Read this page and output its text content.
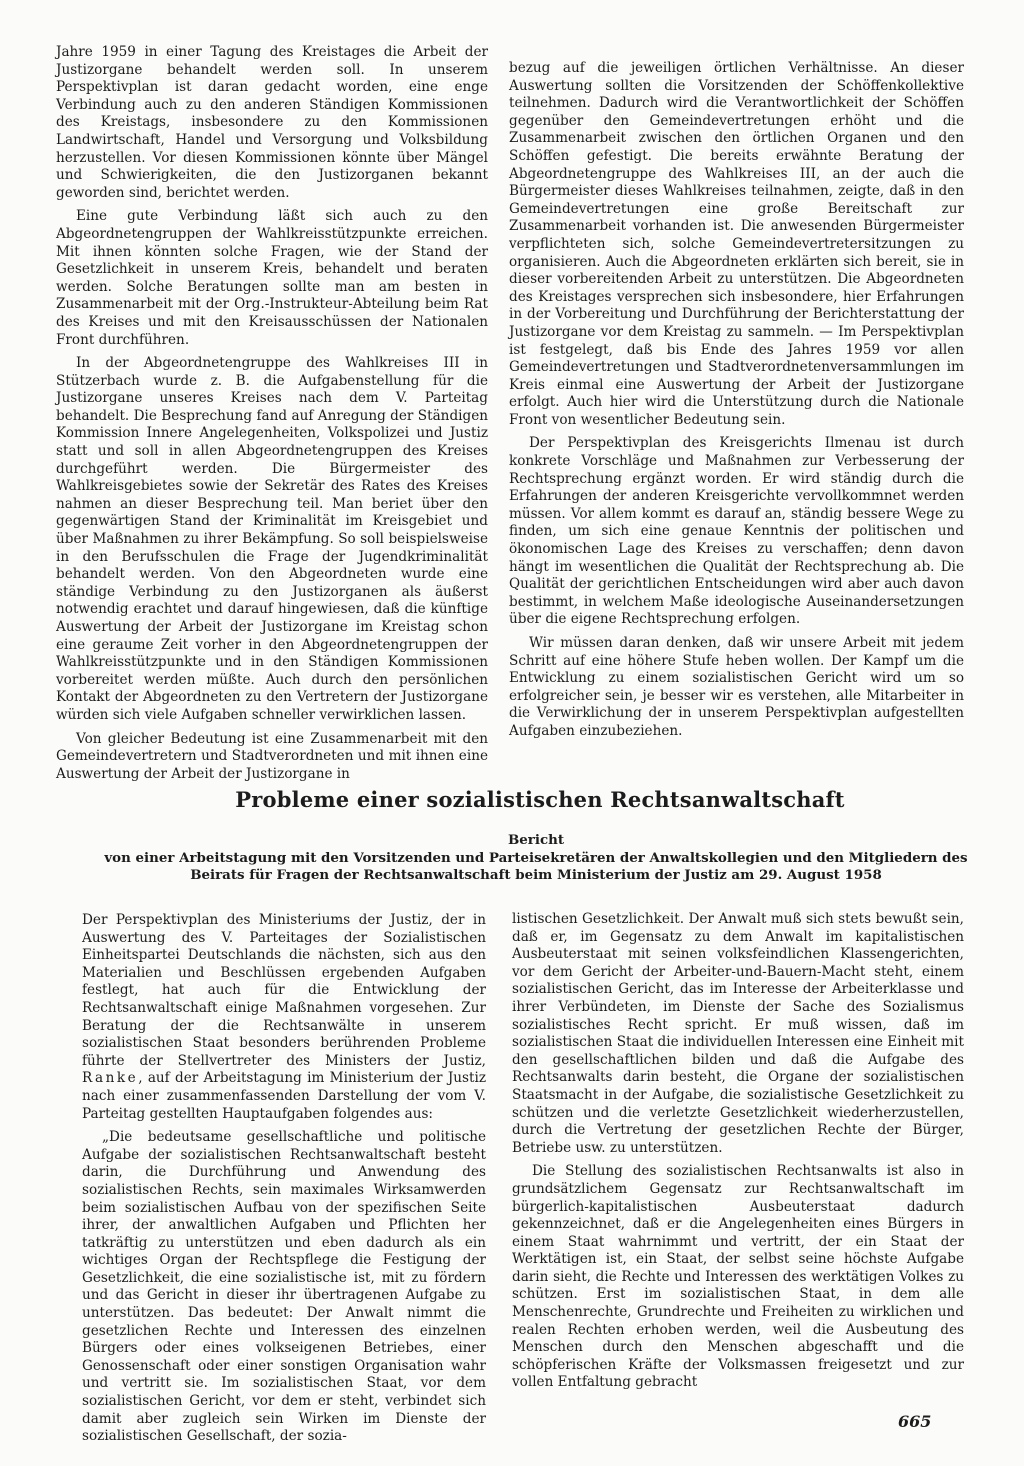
Jahre 1959 in einer Tagung des Kreistages die Arbeit der Justizorgane behandelt werden soll. In unserem Perspektivplan ist daran gedacht worden, eine enge Verbindung auch zu den anderen Ständigen Kommissionen des Kreistags, insbesondere zu den Kommissionen Landwirtschaft, Handel und Versorgung und Volksbildung herzustellen. Vor diesen Kommissionen könnte über Mängel und Schwierigkeiten, die den Justizorganen bekannt geworden sind, berichtet werden.

Eine gute Verbindung läßt sich auch zu den Abgeordnetengruppen der Wahlkreisstützpunkte erreichen. Mit ihnen könnten solche Fragen, wie der Stand der Gesetzlichkeit in unserem Kreis, behandelt und beraten werden. Solche Beratungen sollte man am besten in Zusammenarbeit mit der Org.-Instrukteur-Abteilung beim Rat des Kreises und mit den Kreisausschüssen der Nationalen Front durchführen.

In der Abgeordnetengruppe des Wahlkreises III in Stützerbach wurde z. B. die Aufgabenstellung für die Justizorgane unseres Kreises nach dem V. Parteitag behandelt. Die Besprechung fand auf Anregung der Ständigen Kommission Innere Angelegenheiten, Volkspolizei und Justiz statt und soll in allen Abgeordnetengruppen des Kreises durchgeführt werden. Die Bürgermeister des Wahlkreisgebietes sowie der Sekretär des Rates des Kreises nahmen an dieser Besprechung teil. Man beriet über den gegenwärtigen Stand der Kriminalität im Kreisgebiet und über Maßnahmen zu ihrer Bekämpfung. So soll beispielsweise in den Berufsschulen die Frage der Jugendkriminalität behandelt werden. Von den Abgeordneten wurde eine ständige Verbindung zu den Justizorganen als äußerst notwendig erachtet und darauf hingewiesen, daß die künftige Auswertung der Arbeit der Justizorgane im Kreistag schon eine geraume Zeit vorher in den Abgeordnetengruppen der Wahlkreisstützpunkte und in den Ständigen Kommissionen vorbereitet werden müßte. Auch durch den persönlichen Kontakt der Abgeordneten zu den Vertretern der Justizorgane würden sich viele Aufgaben schneller verwirklichen lassen.

Von gleicher Bedeutung ist eine Zusammenarbeit mit den Gemeindevertretern und Stadtverordneten und mit ihnen eine Auswertung der Arbeit der Justizorgane in

bezug auf die jeweiligen örtlichen Verhältnisse. An dieser Auswertung sollten die Vorsitzenden der Schöffenkollektive teilnehmen. Dadurch wird die Verantwortlichkeit der Schöffen gegenüber den Gemeindevertretungen erhöht und die Zusammenarbeit zwischen den örtlichen Organen und den Schöffen gefestigt. Die bereits erwähnte Beratung der Abgeordnetengruppe des Wahlkreises III, an der auch die Bürgermeister dieses Wahlkreises teilnahmen, zeigte, daß in den Gemeindevertretungen eine große Bereitschaft zur Zusammenarbeit vorhanden ist. Die anwesenden Bürgermeister verpflichteten sich, solche Gemeindevertretersitzungen zu organisieren. Auch die Abgeordneten erklärten sich bereit, sie in dieser vorbereitenden Arbeit zu unterstützen. Die Abgeordneten des Kreistages versprechen sich insbesondere, hier Erfahrungen in der Vorbereitung und Durchführung der Berichterstattung der Justizorgane vor dem Kreistag zu sammeln. — Im Perspektivplan ist festgelegt, daß bis Ende des Jahres 1959 vor allen Gemeindevertretungen und Stadtverordnetenversammlungen im Kreis einmal eine Auswertung der Arbeit der Justizorgane erfolgt. Auch hier wird die Unterstützung durch die Nationale Front von wesentlicher Bedeutung sein.

Der Perspektivplan des Kreisgerichts Ilmenau ist durch konkrete Vorschläge und Maßnahmen zur Verbesserung der Rechtsprechung ergänzt worden. Er wird ständig durch die Erfahrungen der anderen Kreisgerichte vervollkommnet werden müssen. Vor allem kommt es darauf an, ständig bessere Wege zu finden, um sich eine genaue Kenntnis der politischen und ökonomischen Lage des Kreises zu verschaffen; denn davon hängt im wesentlichen die Qualität der Rechtsprechung ab. Die Qualität der gerichtlichen Entscheidungen wird aber auch davon bestimmt, in welchem Maße ideologische Auseinandersetzungen über die eigene Rechtsprechung erfolgen.

Wir müssen daran denken, daß wir unsere Arbeit mit jedem Schritt auf eine höhere Stufe heben wollen. Der Kampf um die Entwicklung zu einem sozialistischen Gericht wird um so erfolgreicher sein, je besser wir es verstehen, alle Mitarbeiter in die Verwirklichung der in unserem Perspektivplan aufgestellten Aufgaben einzubeziehen.

Probleme einer sozialistischen Rechtsanwaltschaft
Bericht
von einer Arbeitstagung mit den Vorsitzenden und Parteisekretären der Anwaltskollegien und den Mitgliedern des Beirats für Fragen der Rechtsanwaltschaft beim Ministerium der Justiz am 29. August 1958

Der Perspektivplan des Ministeriums der Justiz, der in Auswertung des V. Parteitages der Sozialistischen Einheitspartei Deutschlands die nächsten, sich aus den Materialien und Beschlüssen ergebenden Aufgaben festlegt, hat auch für die Entwicklung der Rechtsanwaltschaft einige Maßnahmen vorgesehen. Zur Beratung der die Rechtsanwälte in unserem sozialistischen Staat besonders berührenden Probleme führte der Stellvertreter des Ministers der Justiz, Ranke, auf der Arbeitstagung im Ministerium der Justiz nach einer zusammenfassenden Darstellung der vom V. Parteitag gestellten Hauptaufgaben folgendes aus:

„Die bedeutsame gesellschaftliche und politische Aufgabe der sozialistischen Rechtsanwaltschaft besteht darin, die Durchführung und Anwendung des sozialistischen Rechts, sein maximales Wirksamwerden beim sozialistischen Aufbau von der spezifischen Seite ihrer, der anwaltlichen Aufgaben und Pflichten her tatkräftig zu unterstützen und eben dadurch als ein wichtiges Organ der Rechtspflege die Festigung der Gesetzlichkeit, die eine sozialistische ist, mit zu fördern und das Gericht in dieser ihr übertragenen Aufgabe zu unterstützen. Das bedeutet: Der Anwalt nimmt die gesetzlichen Rechte und Interessen des einzelnen Bürgers oder eines volkseigenen Betriebes, einer Genossenschaft oder einer sonstigen Organisation wahr und vertritt sie. Im sozialistischen Staat, vor dem sozialistischen Gericht, vor dem er steht, verbindet sich damit aber zugleich sein Wirken im Dienste der sozialistischen Gesellschaft, der sozia-

listischen Gesetzlichkeit. Der Anwalt muß sich stets bewußt sein, daß er, im Gegensatz zu dem Anwalt im kapitalistischen Ausbeuterstaat mit seinen volksfeindlichen Klassengerichten, vor dem Gericht der Arbeiter-und-Bauern-Macht steht, einem sozialistischen Gericht, das im Interesse der Arbeiterklasse und ihrer Verbündeten, im Dienste der Sache des Sozialismus sozialistisches Recht spricht. Er muß wissen, daß im sozialistischen Staat die individuellen Interessen eine Einheit mit den gesellschaftlichen bilden und daß die Aufgabe des Rechtsanwalts darin besteht, die Organe der sozialistischen Staatsmacht in der Aufgabe, die sozialistische Gesetzlichkeit zu schützen und die verletzte Gesetzlichkeit wiederherzustellen, durch die Vertretung der gesetzlichen Rechte der Bürger, Betriebe usw. zu unterstützen.

Die Stellung des sozialistischen Rechtsanwalts ist also in grundsätzlichem Gegensatz zur Rechtsanwaltschaft im bürgerlich-kapitalistischen Ausbeuterstaat dadurch gekennzeichnet, daß er die Angelegenheiten eines Bürgers in einem Staat wahrnimmt und vertritt, der ein Staat der Werktätigen ist, ein Staat, der selbst seine höchste Aufgabe darin sieht, die Rechte und Interessen des werktätigen Volkes zu schützen. Erst im sozialistischen Staat, in dem alle Menschenrechte, Grundrechte und Freiheiten zu wirklichen und realen Rechten erhoben werden, weil die Ausbeutung des Menschen durch den Menschen abgeschafft und die schöpferischen Kräfte der Volksmassen freigesetzt und zur vollen Entfaltung gebracht

665
